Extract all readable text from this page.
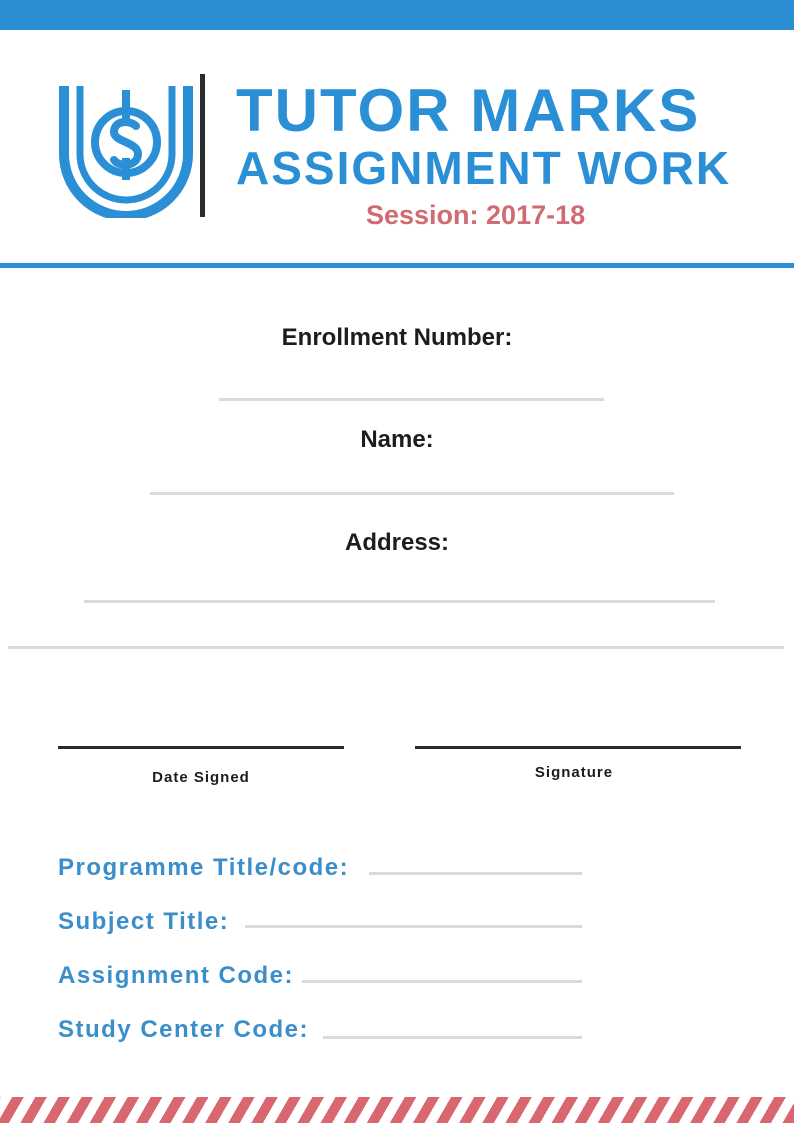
TUTOR MARKS
ASSIGNMENT WORK
Session: 2017-18
Enrollment Number:
Name:
Address:
Date Signed	Signature
Programme Title/code:
Subject Title:
Assignment Code:
Study Center Code:
